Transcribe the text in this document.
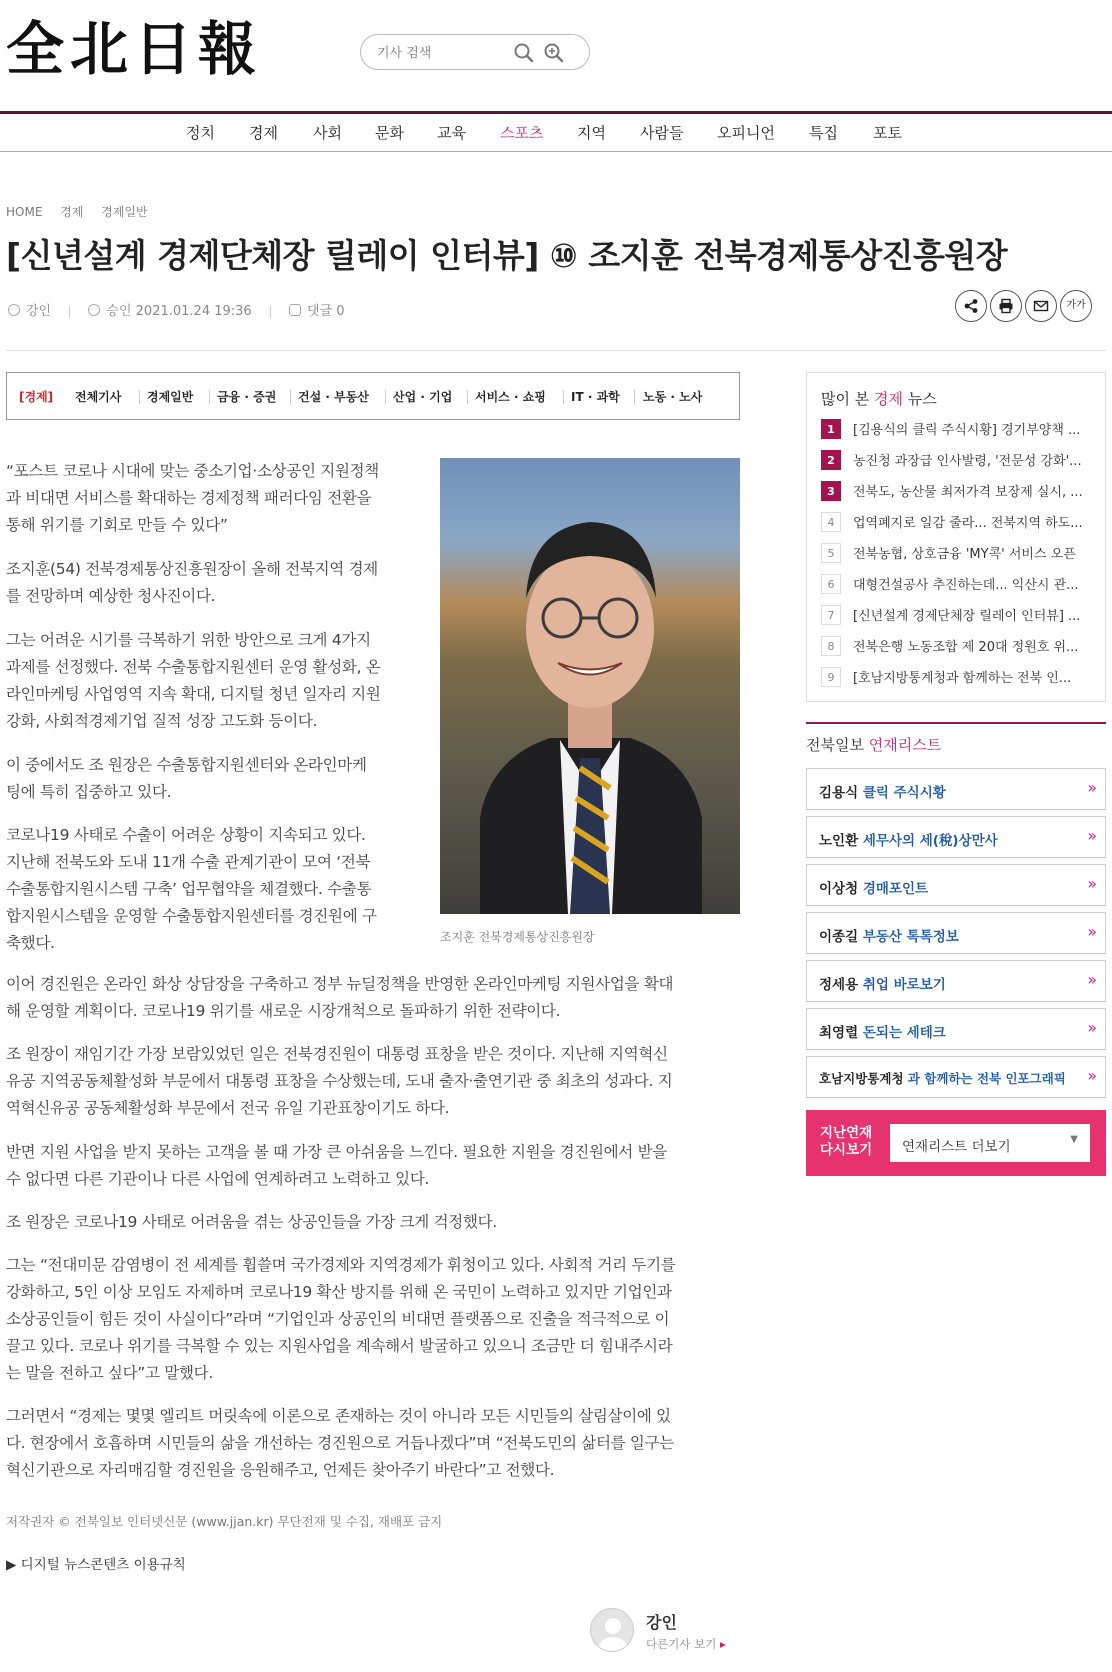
全北日報
기사 검색
정치 경제 사회 문화 교육 스포츠 지역 사람들 오피니언 특집 포토
HOME 경제 경제일반
[신년설계 경제단체장 릴레이 인터뷰] ⑩ 조지훈 전북경제통상진흥원장
강인	승인 2021.01.24 19:36	댓글 0	가가
[경제] 전체기사 경제일반 금융 · 증권 건설 · 부동산 산업 · 기업 서비스 · 쇼핑 IT · 과학 노동 · 노사
“포스트 코로나 시대에 맞는 중소기업·소상공인 지원정책
과 비대면 서비스를 확대하는 경제정책 패러다임 전환을
통해 위기를 기회로 만들 수 있다”
조지훈(54) 전북경제통상진흥원장이 올해 전북지역 경제
를 전망하며 예상한 청사진이다.
그는 어려운 시기를 극복하기 위한 방안으로 크게 4가지
과제를 선정했다. 전북 수출통합지원센터 운영 활성화, 온
라인마케팅 사업영역 지속 확대, 디지털 청년 일자리 지원
강화, 사회적경제기업 질적 성장 고도화 등이다.
이 중에서도 조 원장은 수출통합지원센터와 온라인마케
팅에 특히 집중하고 있다.
코로나19 사태로 수출이 어려운 상황이 지속되고 있다.
지난해 전북도와 도내 11개 수출 관계기관이 모여 ‘전북
수출통합지원시스템 구축’ 업무협약을 체결했다. 수출통
합지원시스템을 운영할 수출통합지원센터를 경진원에 구
축했다.	조지훈 전북경제통상진흥원장
이어 경진원은 온라인 화상 상담장을 구축하고 정부 뉴딜정책을 반영한 온라인마케팅 지원사업을 확대
해 운영할 계획이다. 코로나19 위기를 새로운 시장개척으로 돌파하기 위한 전략이다.
조 원장이 재임기간 가장 보람있었던 일은 전북경진원이 대통령 표창을 받은 것이다. 지난해 지역혁신
유공 지역공동체활성화 부문에서 대통령 표창을 수상했는데, 도내 출자·출연기관 중 최초의 성과다. 지
역혁신유공 공동체활성화 부문에서 전국 유일 기관표창이기도 하다.
반면 지원 사업을 받지 못하는 고객을 볼 때 가장 큰 아쉬움을 느낀다. 필요한 지원을 경진원에서 받을
수 없다면 다른 기관이나 다른 사업에 연계하려고 노력하고 있다.
조 원장은 코로나19 사태로 어려움을 겪는 상공인들을 가장 크게 걱정했다.
그는 “전대미문 감염병이 전 세계를 휩쓸며 국가경제와 지역경제가 휘청이고 있다. 사회적 거리 두기를
강화하고, 5인 이상 모임도 자제하며 코로나19 확산 방지를 위해 온 국민이 노력하고 있지만 기업인과
소상공인들이 힘든 것이 사실이다”라며 “기업인과 상공인의 비대면 플랫폼으로 진출을 적극적으로 이
끌고 있다. 코로나 위기를 극복할 수 있는 지원사업을 계속해서 발굴하고 있으니 조금만 더 힘내주시라
는 말을 전하고 싶다”고 말했다.
그러면서 “경제는 몇몇 엘리트 머릿속에 이론으로 존재하는 것이 아니라 모든 시민들의 살림살이에 있
다. 현장에서 호흡하며 시민들의 삶을 개선하는 경진원으로 거듭나겠다”며 “전북도민의 삶터를 일구는
혁신기관으로 자리매김할 경진원을 응원해주고, 언제든 찾아주기 바란다”고 전했다.
저작권자 © 전북일보 인터넷신문 (www.jjan.kr) 무단전재 및 수집, 재배포 금지
▶ 디지털 뉴스콘텐츠 이용규칙
강인
다른기사 보기 ▸
많이 본 경제 뉴스
1	[김용식의 클릭 주식시황] 경기부양책 ...
2	농진청 과장급 인사발령, '전문성 강화'...
3	전북도, 농산물 최저가격 보장제 실시, ...
4	업역폐지로 일감 줄라... 전북지역 하도...
5	전북농협, 상호금융 'MY콕' 서비스 오픈
6	대형건설공사 추진하는데... 익산시 관...
7	[신년설계 경제단체장 릴레이 인터뷰] ...
8	전북은행 노동조합 제 20대 정원호 위...
9	[호남지방통계청과 함께하는 전북 인...
전북일보 연재리스트
김용식 클릭 주식시황	»
노인환 세무사의 세(稅)상만사	»
이상청 경매포인트	»
이종길 부동산 톡톡정보	»
정세용 취업 바로보기	»
최영렬 돈되는 세테크	»
호남지방통계청 과 함께하는 전북 인포그래픽 »
지난연재
다시보기 연재리스트 더보기	▼
